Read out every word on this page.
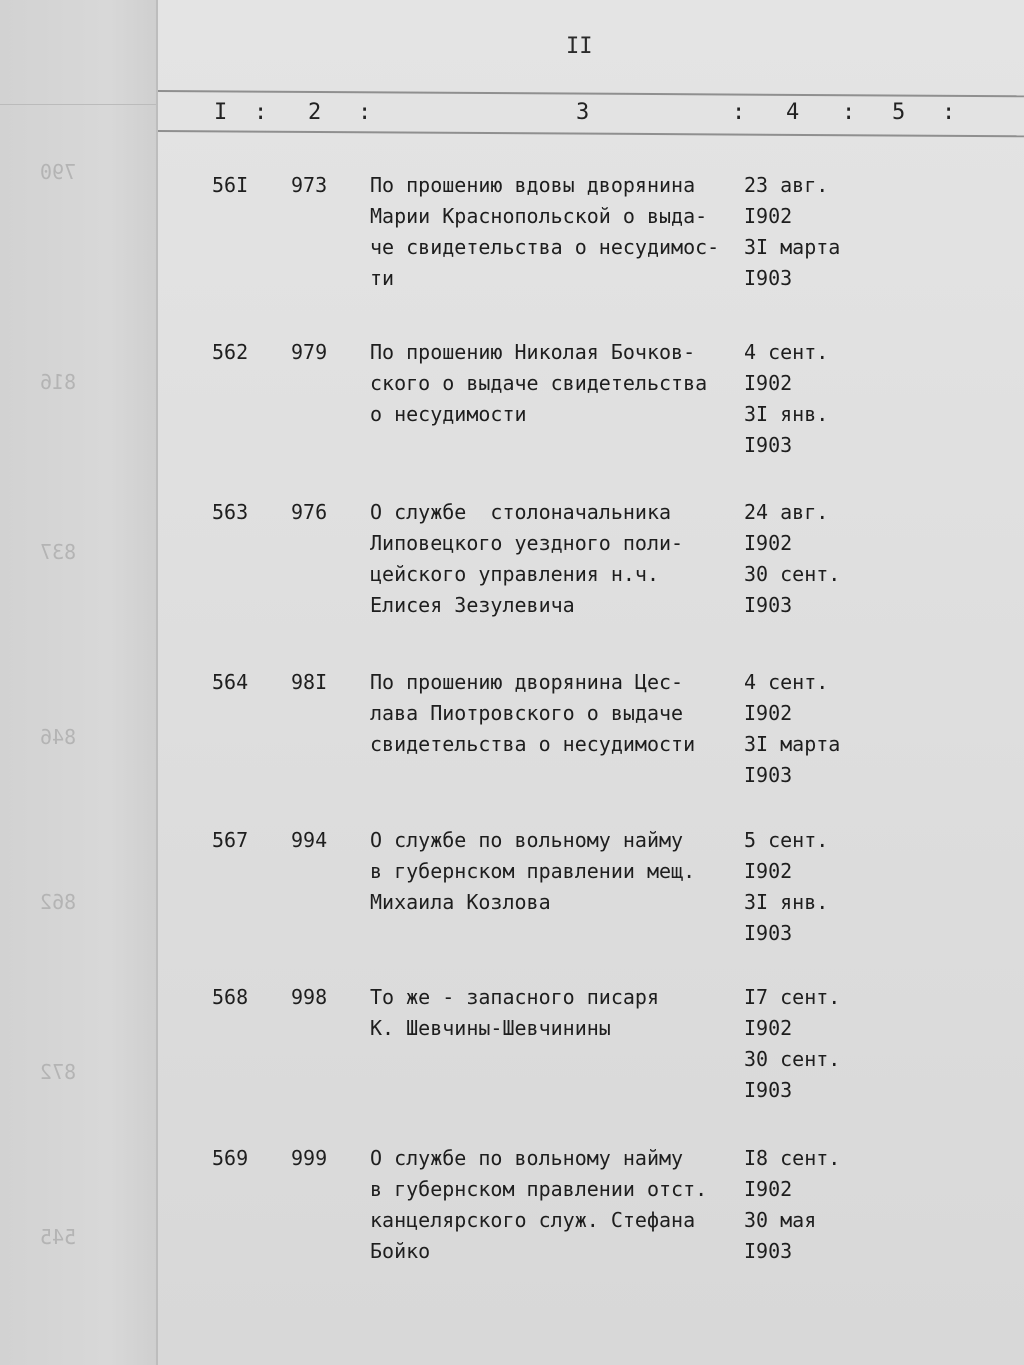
790
816
837
846
862
872
545
II
I : 2 :	3	: 4 : 5 :
56I 973 По прошению вдовы дворянина
Марии Краснопольской о выда-
че свидетельства о несудимос-
ти
23 авг.
I902
3I марта
I903
562 979 По прошению Николая Бочков-
ского о выдаче свидетельства
о несудимости
4 сент.
I902
3I янв.
I903
563 976 О службе  столоначальника
Липовецкого уездного поли-
цейского управления н.ч.
Елисея Зезулевича
24 авг.
I902
30 сент.
I903
564 98I По прошению дворянина Цес-
лава Пиотровского о выдаче
свидетельства о несудимости
4 сент.
I902
3I марта
I903
567 994 О службе по вольному найму
в губернском правлении мещ.
Михаила Козлова
5 сент.
I902
3I янв.
I903
568 998 То же - запасного писаря
К. Шевчины-Шевчинины
I7 сент.
I902
30 сент.
I903
569 999 О службе по вольному найму
в губернском правлении отст.
канцелярского служ. Стефана
Бойко
I8 сент.
I902
30 мая
I903
